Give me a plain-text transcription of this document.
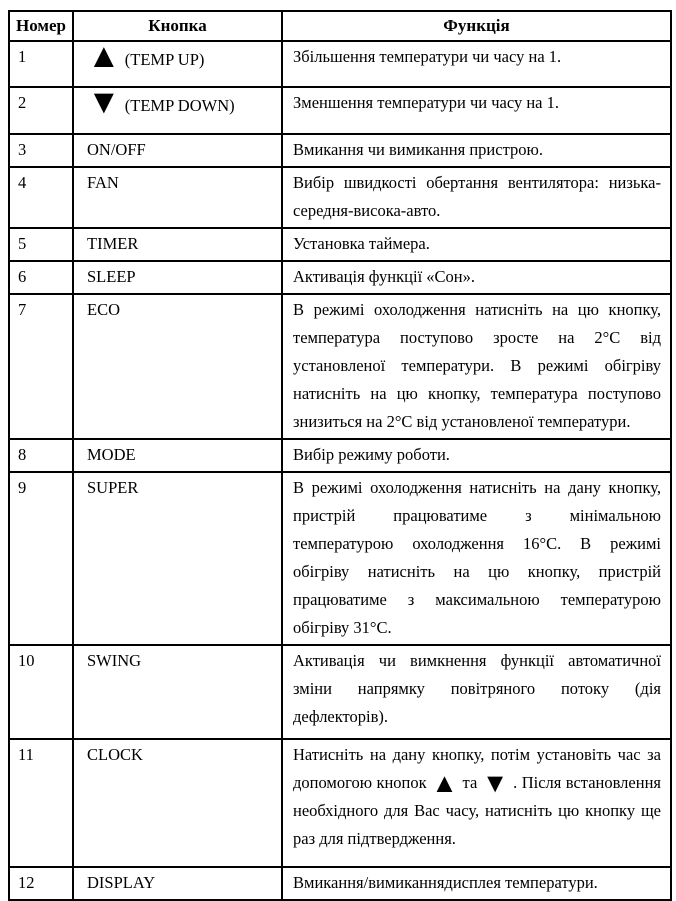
Номер	Кнопка	Функція
1	▲ (TEMP UP)	Збільшення температури чи часу на 1.
2	▼ (TEMP DOWN)	Зменшення температури чи часу на 1.
3	ON/OFF	Вмикання чи вимикання пристрою.
4	FAN	Вибір швидкості обертання вентилятора: низька-середня-висока-авто.
5	TIMER	Установка таймера.
6	SLEEP	Активація функції «Сон».
7	ECO	В режимі охолодження натисніть на цю кнопку, температура поступово зросте на 2°С від установленої температури. В режимі обігріву натисніть на цю кнопку, температура поступово знизиться на 2°С від установленої температури.
8	MODE	Вибір режиму роботи.
9	SUPER	В режимі охолодження натисніть на дану кнопку, пристрій працюватиме з мінімальною температурою охолодження 16°С. В режимі обігріву натисніть на цю кнопку, пристрій працюватиме з максимальною температурою обігріву 31°С.
10	SWING	Активація чи вимкнення функції автоматичної зміни напрямку повітряного потоку (дія дефлекторів).
11	CLOCK	Натисніть на дану кнопку, потім установіть час за допомогою кнопок ▲ та ▼ . Після встановлення необхідного для Вас часу, натисніть цю кнопку ще раз для підтвердження.
12	DISPLAY	Вмикання/вимиканнядисплея температури.
